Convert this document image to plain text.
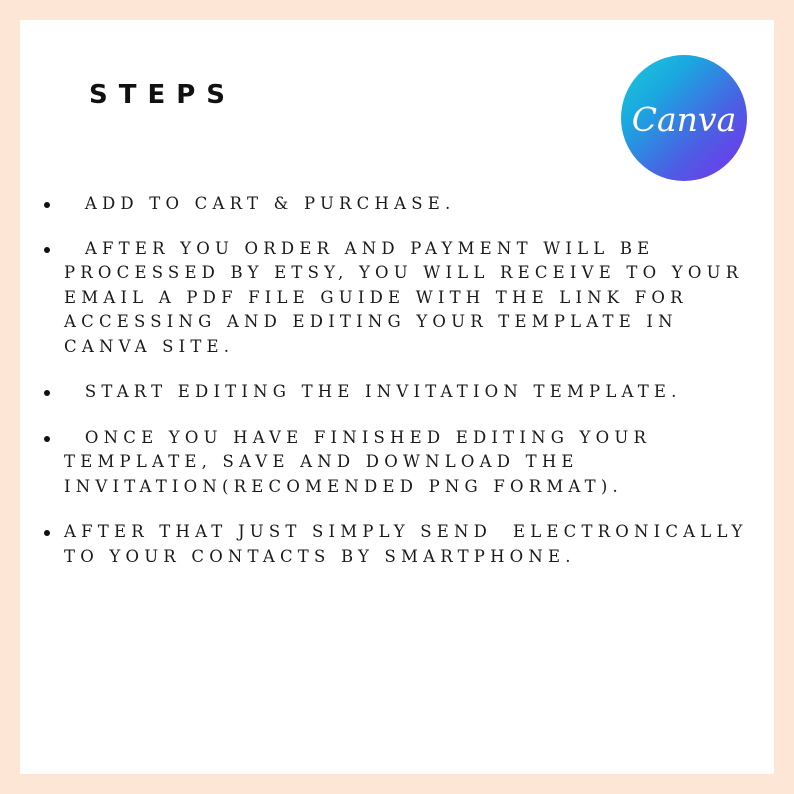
STEPS
Canva
ADD TO CART & PURCHASE.
AFTER YOU ORDER AND PAYMENT WILL BE
PROCESSED BY ETSY, YOU WILL RECEIVE TO YOUR
EMAIL A PDF FILE GUIDE WITH THE LINK FOR
ACCESSING AND EDITING YOUR TEMPLATE IN
CANVA SITE.
START EDITING THE INVITATION TEMPLATE.
ONCE YOU HAVE FINISHED EDITING YOUR
TEMPLATE, SAVE AND DOWNLOAD THE
INVITATION(RECOMENDED PNG FORMAT).
AFTER THAT JUST SIMPLY SEND  ELECTRONICALLY
TO YOUR CONTACTS BY SMARTPHONE.
